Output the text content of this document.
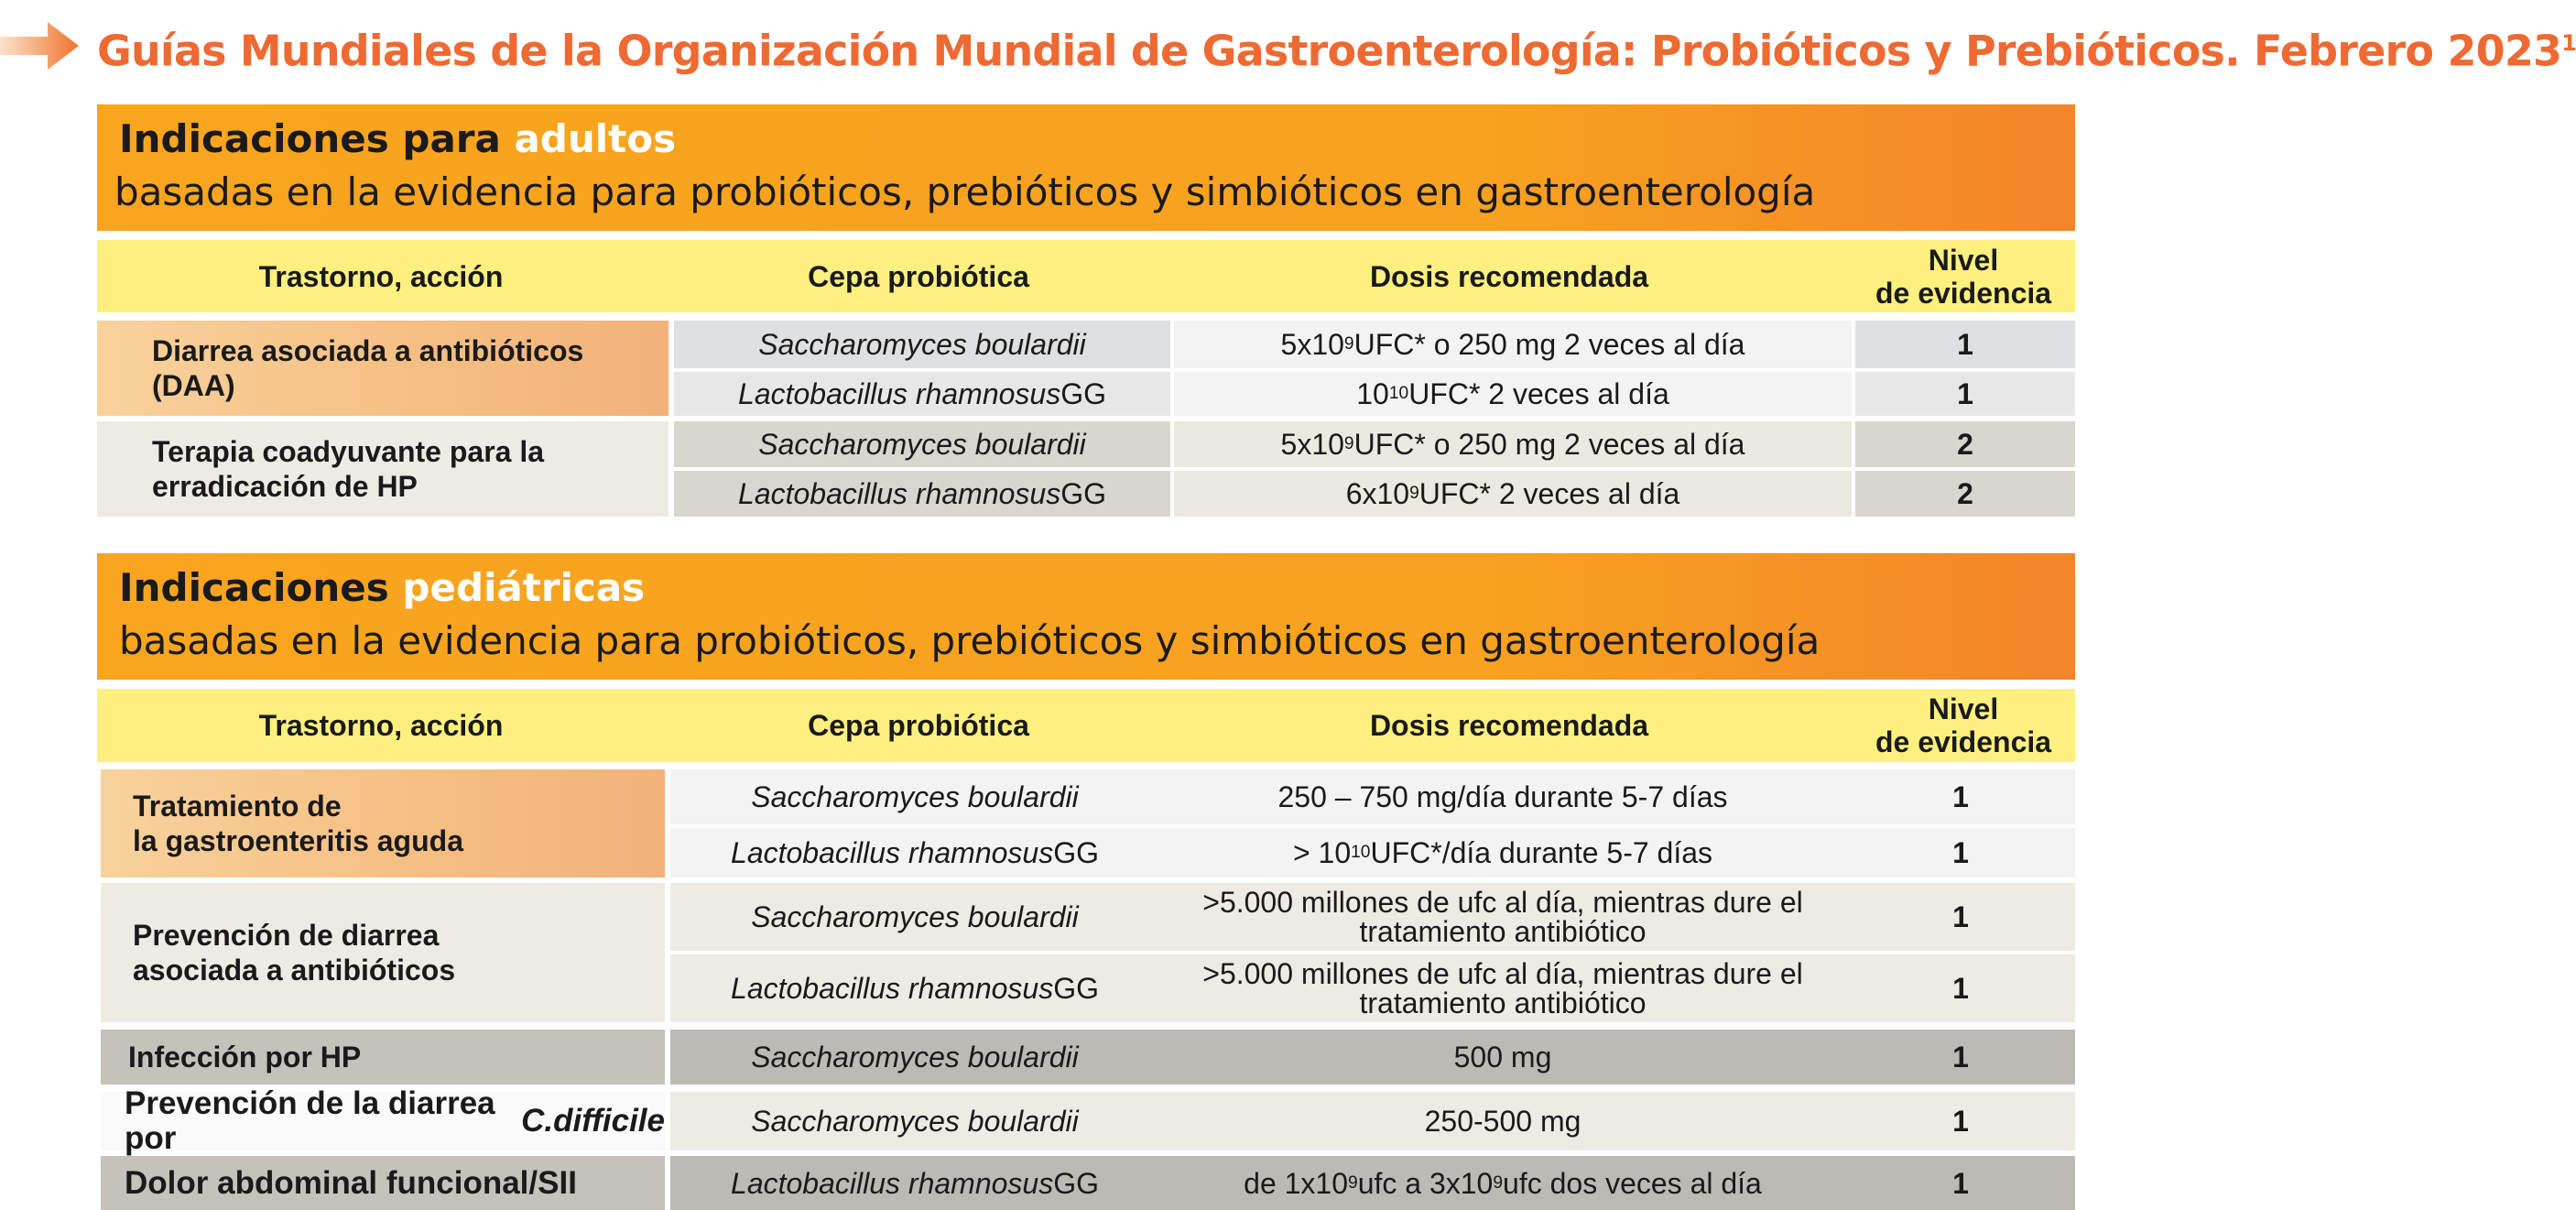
Guías Mundiales de la Organización Mundial de Gastroenterología: Probióticos y Prebióticos. Febrero 2023$^1$
Indicaciones para adultos
basadas en la evidencia para probióticos, prebióticos y simbióticos en gastroenterología
Trastorno, acción	Cepa probiótica	Dosis recomendada	Nivel
de evidencia
Diarrea asociada a antibióticos (DAA)
Saccharomyces boulardii	5x10 9 UFC* o 250 mg 2 veces al día	1
Lactobacillus rhamnosus GG	10 10 UFC* 2 veces al día	1
Terapia coadyuvante para la erradicación de HP
Saccharomyces boulardii	5x10 9 UFC* o 250 mg 2 veces al día	2
Lactobacillus rhamnosus GG	6x10 9 UFC* 2 veces al día	2
Indicaciones pediátricas
basadas en la evidencia para probióticos, prebióticos y simbióticos en gastroenterología
Trastorno, acción	Cepa probiótica	Dosis recomendada	Nivel
de evidencia
Tratamiento de
la gastroenteritis aguda
Saccharomyces boulardii	250 – 750 mg/día durante 5-7 días	1
Lactobacillus rhamnosus GG	> 10 10 UFC*/día durante 5-7 días	1
Prevención de diarrea
asociada a antibióticos
Saccharomyces boulardii	>5.000 millones de ufc al día, mientras dure el
tratamiento antibiótico	1
Lactobacillus rhamnosus GG	>5.000 millones de ufc al día, mientras dure el
tratamiento antibiótico	1
Infección por HP	Saccharomyces boulardii	500 mg	1
Prevención de la diarrea por	C.difficile	Saccharomyces boulardii	250-500 mg	1
Dolor abdominal funcional/SII	Lactobacillus rhamnosus GG	de 1x10 9 ufc a 3x10 9 ufc dos veces al día	1
